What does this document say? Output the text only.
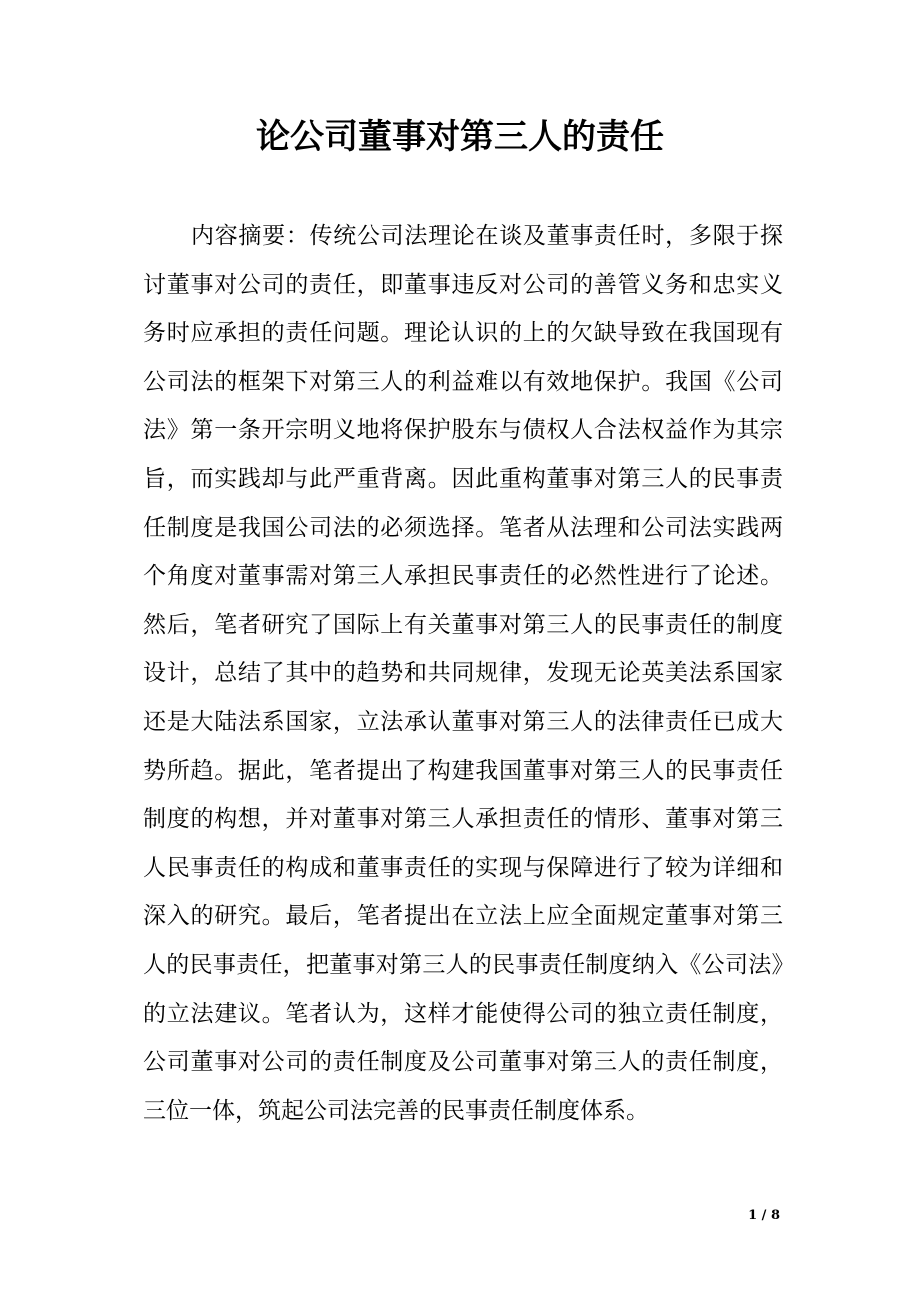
论公司董事对第三人的责任

内容摘要：传统公司法理论在谈及董事责任时，多限于探讨董事对公司的责任，即董事违反对公司的善管义务和忠实义务时应承担的责任问题。理论认识的上的欠缺导致在我国现有公司法的框架下对第三人的利益难以有效地保护。我国《公司法》第一条开宗明义地将保护股东与债权人合法权益作为其宗旨，而实践却与此严重背离。因此重构董事对第三人的民事责任制度是我国公司法的必须选择。笔者从法理和公司法实践两个角度对董事需对第三人承担民事责任的必然性进行了论述。然后，笔者研究了国际上有关董事对第三人的民事责任的制度设计，总结了其中的趋势和共同规律，发现无论英美法系国家还是大陆法系国家，立法承认董事对第三人的法律责任已成大势所趋。据此，笔者提出了构建我国董事对第三人的民事责任制度的构想，并对董事对第三人承担责任的情形、董事对第三人民事责任的构成和董事责任的实现与保障进行了较为详细和深入的研究。最后，笔者提出在立法上应全面规定董事对第三人的民事责任，把董事对第三人的民事责任制度纳入《公司法》的立法建议。笔者认为，这样才能使得公司的独立责任制度，公司董事对公司的责任制度及公司董事对第三人的责任制度，三位一体，筑起公司法完善的民事责任制度体系。

1 / 8
